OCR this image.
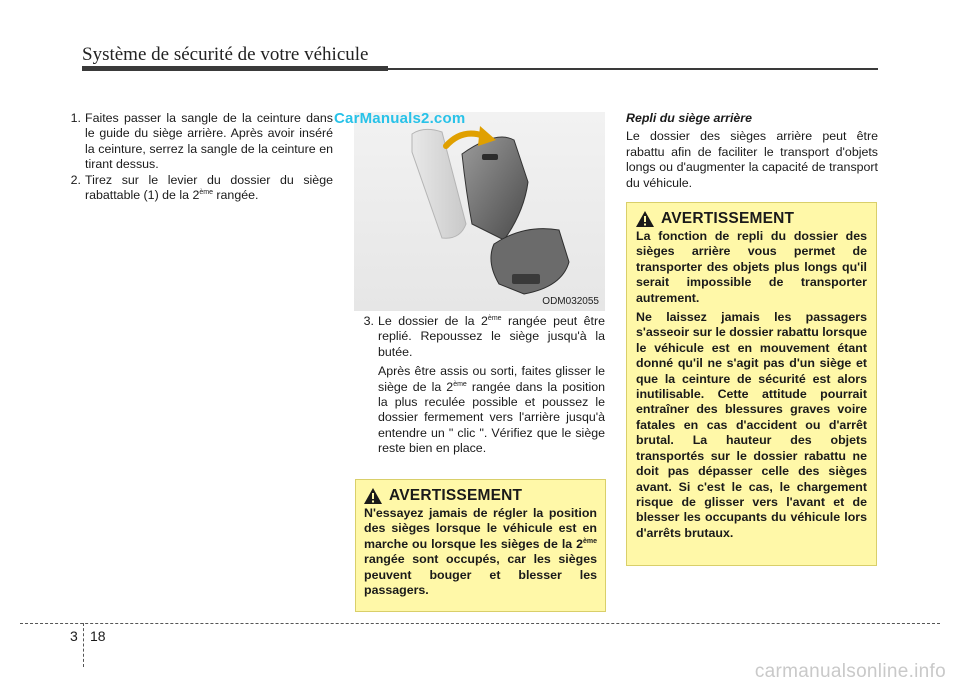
Système de sécurité de votre véhicule
1. Faites passer la sangle de la ceinture dans le guide du siège arrière. Après avoir inséré la ceinture, serrez la sangle de la ceinture en tirant dessus.
2. Tirez sur le levier du dossier du siège rabattable (1) de la 2ème rangée.
ODM032055
CarManuals2.com
3. Le dossier de la 2ème rangée peut être replié. Repoussez le siège jusqu'à la butée.
Après être assis ou sorti, faites glisser le siège de la 2ème rangée dans la position la plus reculée possible et poussez le dossier fermement vers l'arrière jusqu'à entendre un " clic ". Vérifiez que le siège reste bien en place.
AVERTISSEMENT
N'essayez jamais de régler la position des sièges lorsque le véhicule est en marche ou lorsque les sièges de la 2ème rangée sont occupés, car les sièges peuvent bouger et blesser les passagers.
Repli du siège arrière
Le dossier des sièges arrière peut être rabattu afin de faciliter le transport d'objets longs ou d'augmenter la capacité de transport du véhicule.
AVERTISSEMENT

La fonction de repli du dossier des sièges arrière vous permet de transporter des objets plus longs qu'il serait impossible de transporter autrement.

Ne laissez jamais les passagers s'asseoir sur le dossier rabattu lorsque le véhicule est en mouvement étant donné qu'il ne s'agit pas d'un siège et que la ceinture de sécurité est alors inutilisable. Cette attitude pourrait entraîner des blessures graves voire fatales en cas d'accident ou d'arrêt brutal. La hauteur des objets transportés sur le dossier rabattu ne doit pas dépasser celle des sièges avant. Si c'est le cas, le chargement risque de glisser vers l'avant et de blesser les occupants du véhicule lors d'arrêts brutaux.

3 18
carmanualsonline.info
